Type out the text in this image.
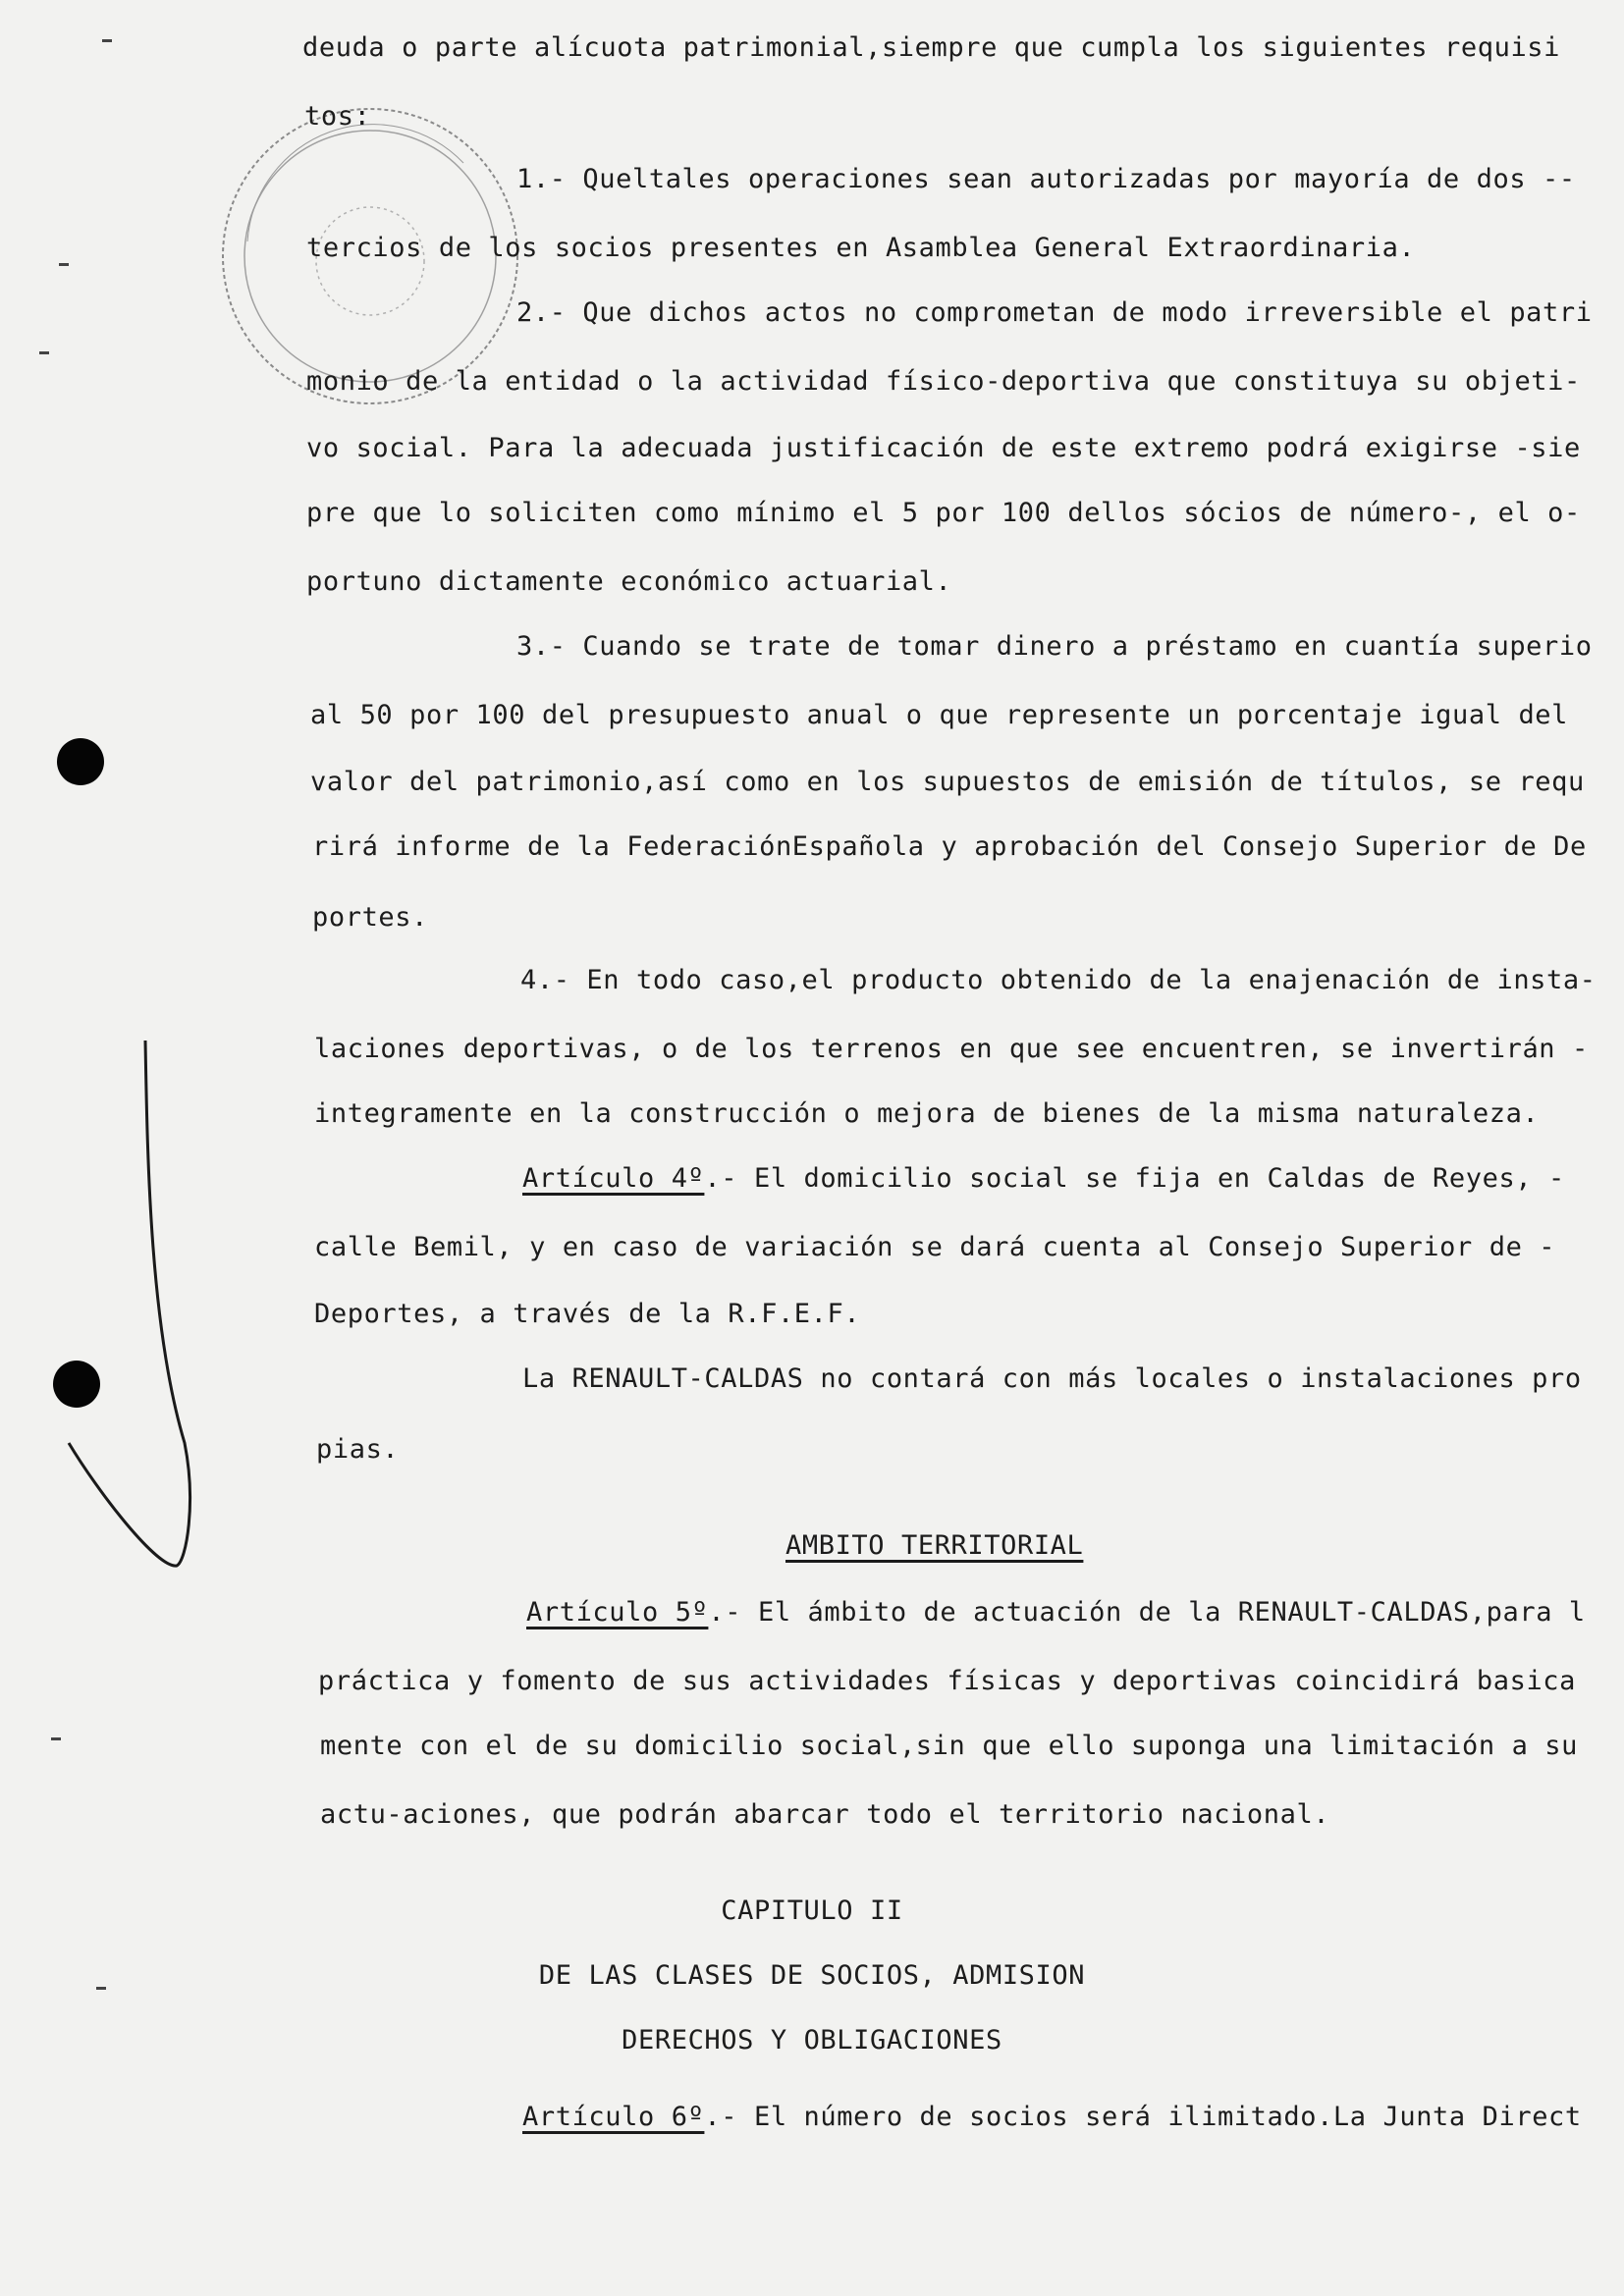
deuda o parte alícuota patrimonial,siempre que cumpla los siguientes requisi
tos:
1.- Queltales operaciones sean autorizadas por mayoría de dos --
tercios de los socios presentes en Asamblea General Extraordinaria.
2.- Que dichos actos no comprometan de modo irreversible el patri
monio de la entidad o la actividad físico-deportiva que constituya su objeti-
vo social. Para la adecuada justificación de este extremo podrá exigirse -sie
pre que lo soliciten como mínimo el 5 por 100 dellos sócios de número-, el o-
portuno dictamente económico actuarial.
3.- Cuando se trate de tomar dinero a préstamo en cuantía superio
al 50 por 100 del presupuesto anual o que represente un porcentaje igual del
valor del patrimonio,así como en los supuestos de emisión de títulos, se requ
rirá informe de la FederaciónEspañola y aprobación del Consejo Superior de De
portes.
4.- En todo caso,el producto obtenido de la enajenación de insta-
laciones deportivas, o de los terrenos en que see encuentren, se invertirán -
integramente en la construcción o mejora de bienes de la misma naturaleza.
Artículo 4º.- El domicilio social se fija en Caldas de Reyes, -
calle Bemil, y en caso de variación se dará cuenta al Consejo Superior de -
Deportes, a través de la R.F.E.F.
La RENAULT-CALDAS no contará con más locales o instalaciones pro
pias.
AMBITO TERRITORIAL
Artículo 5º.- El ámbito de actuación de la RENAULT-CALDAS,para l
práctica y fomento de sus actividades físicas y deportivas coincidirá basica
mente con el de su domicilio social,sin que ello suponga una limitación a su
actu-aciones, que podrán abarcar todo el territorio nacional.
CAPITULO II
DE LAS CLASES DE SOCIOS, ADMISION
DERECHOS Y OBLIGACIONES
Artículo 6º.- El número de socios será ilimitado.La Junta Direct
